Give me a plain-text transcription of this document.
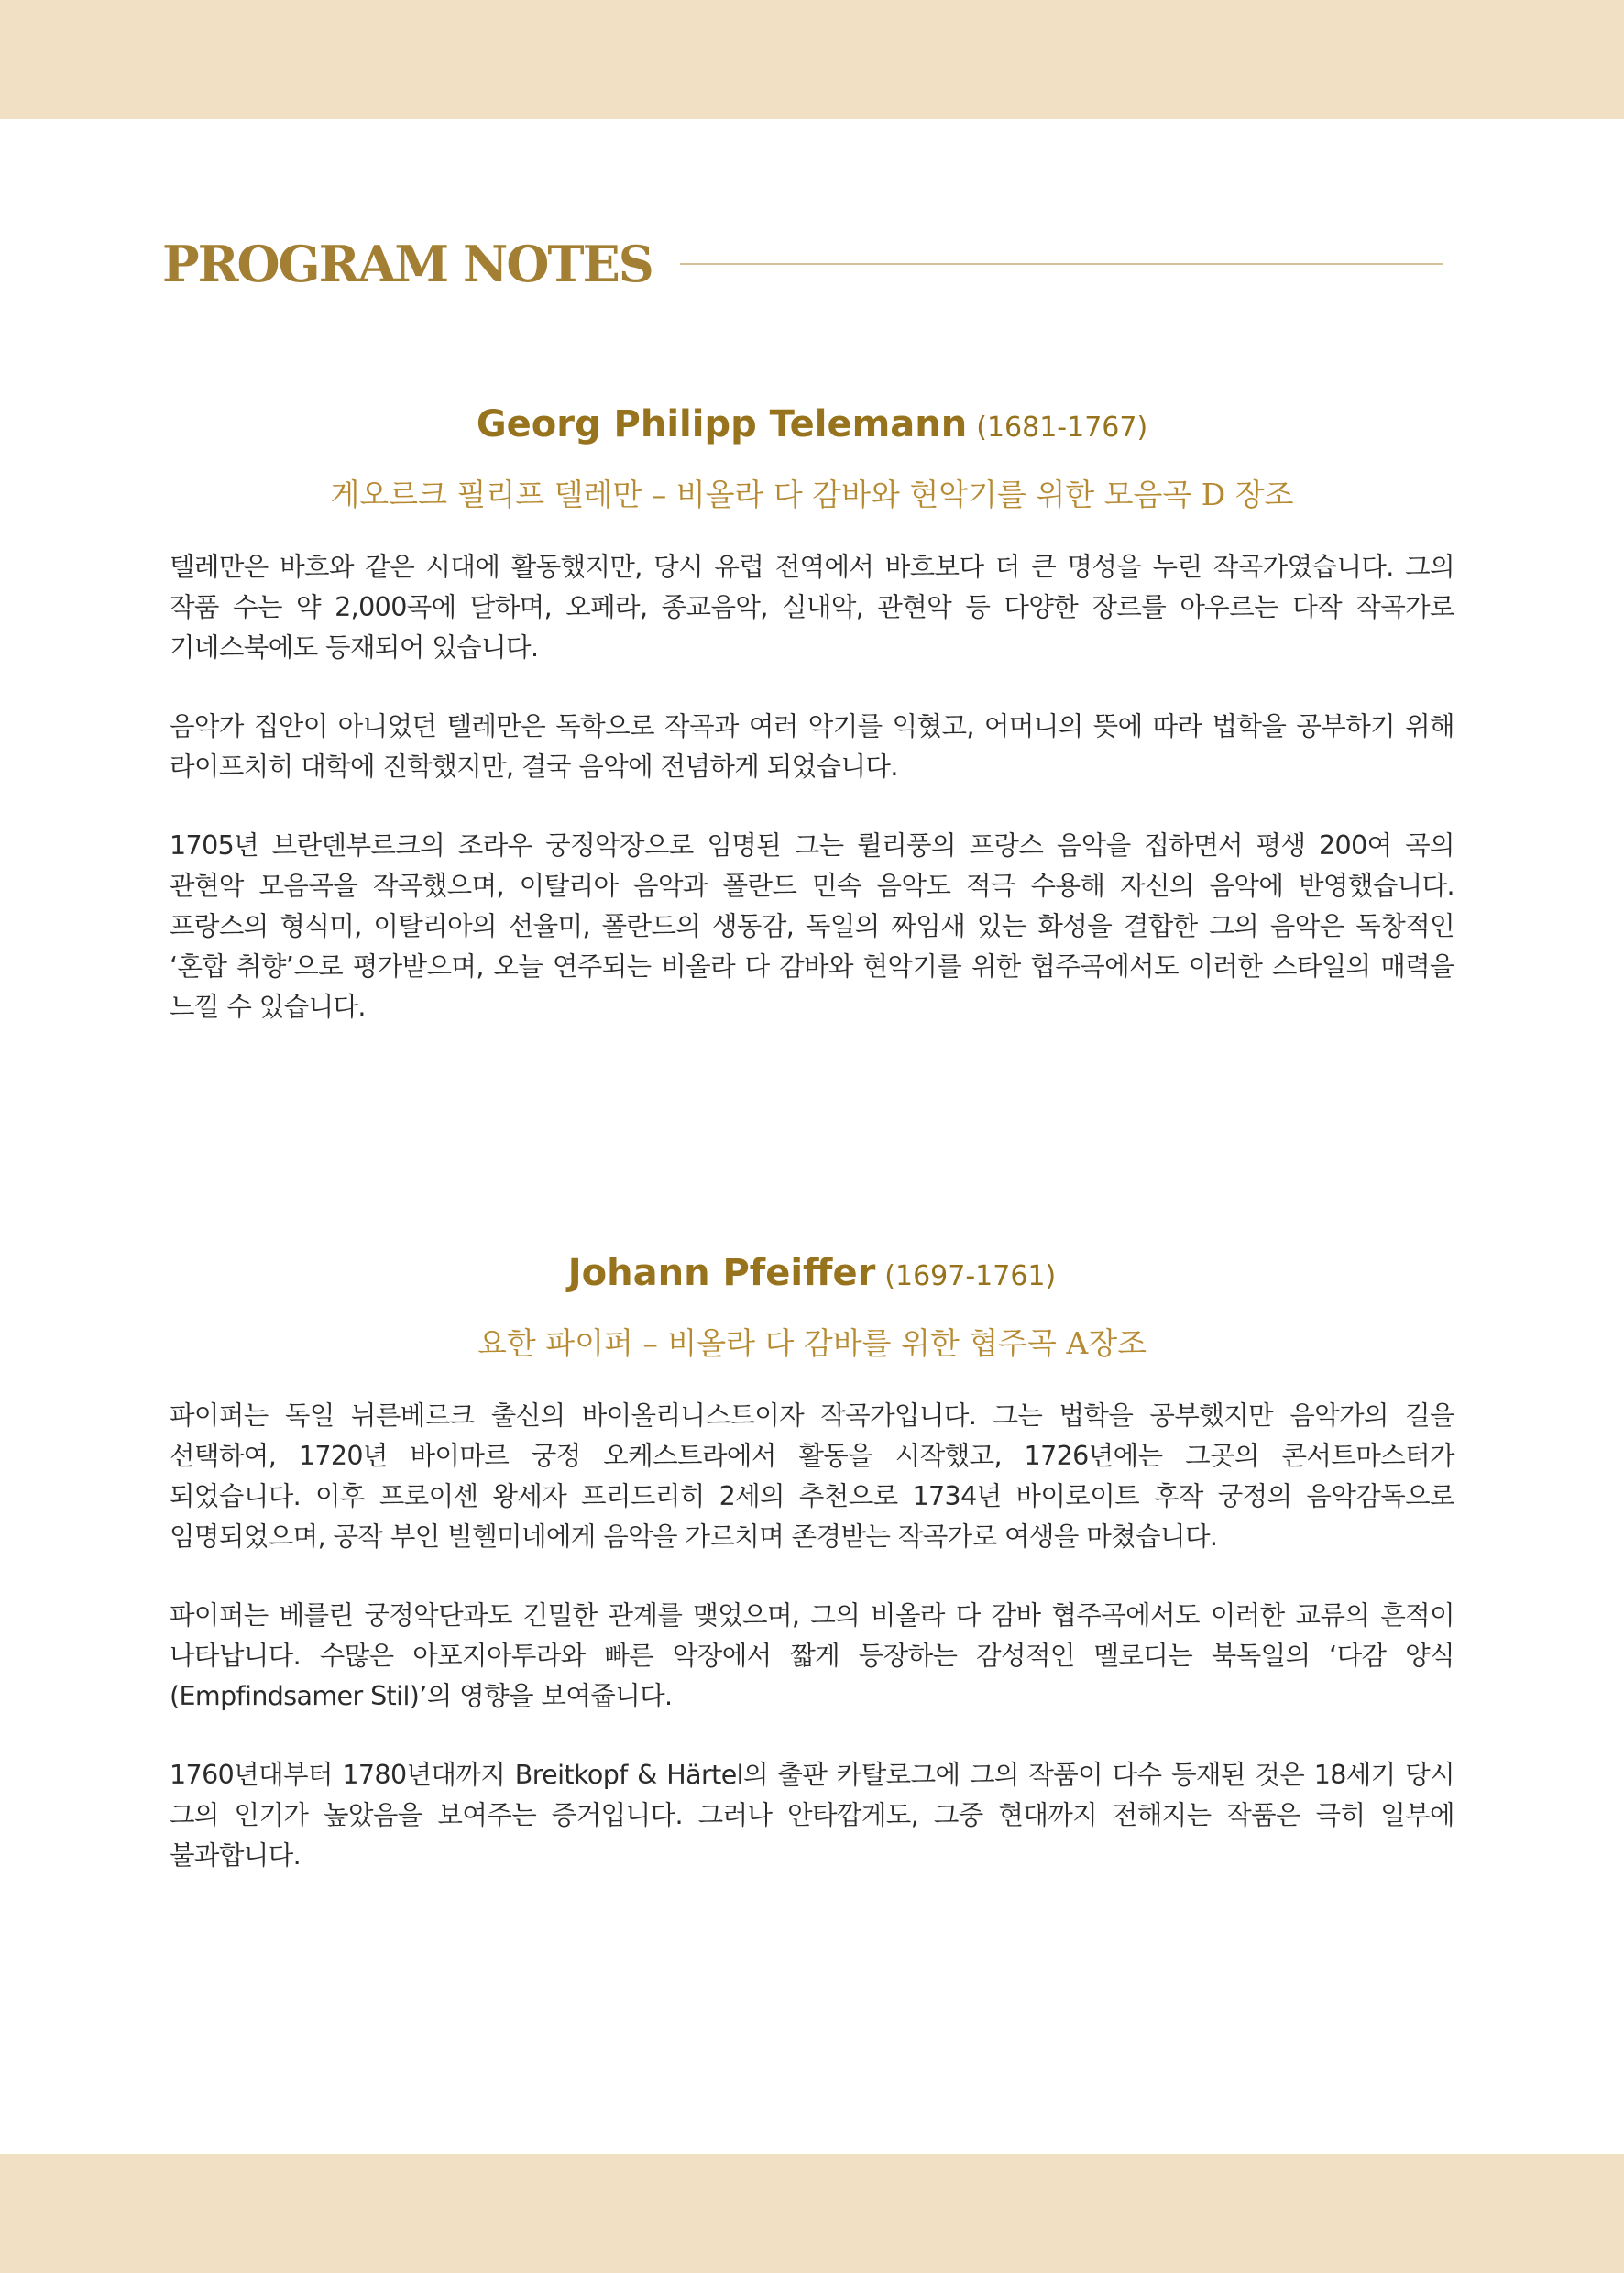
PROGRAM NOTES
Georg Philipp Telemann (1681-1767)
게오르크 필리프 텔레만 – 비올라 다 감바와 현악기를 위한 모음곡 D 장조

텔레만은 바흐와 같은 시대에 활동했지만, 당시 유럽 전역에서 바흐보다 더 큰 명성을 누린 작곡가였습니다. 그의 작품 수는 약 2,000곡에 달하며, 오페라, 종교음악, 실내악, 관현악 등 다양한 장르를 아우르는 다작 작곡가로 기네스북에도 등재되어 있습니다.

음악가 집안이 아니었던 텔레만은 독학으로 작곡과 여러 악기를 익혔고, 어머니의 뜻에 따라 법학을 공부하기 위해 라이프치히 대학에 진학했지만, 결국 음악에 전념하게 되었습니다.

1705년 브란덴부르크의 조라우 궁정악장으로 임명된 그는 륄리풍의 프랑스 음악을 접하면서 평생 200여 곡의 관현악 모음곡을 작곡했으며, 이탈리아 음악과 폴란드 민속 음악도 적극 수용해 자신의 음악에 반영했습니다. 프랑스의 형식미, 이탈리아의 선율미, 폴란드의 생동감, 독일의 짜임새 있는 화성을 결합한 그의 음악은 독창적인 ‘혼합 취향’으로 평가받으며, 오늘 연주되는 비올라 다 감바와 현악기를 위한 협주곡에서도 이러한 스타일의 매력을 느낄 수 있습니다.

Johann Pfeiffer (1697-1761)
요한 파이퍼 – 비올라 다 감바를 위한 협주곡 A장조

파이퍼는 독일 뉘른베르크 출신의 바이올리니스트이자 작곡가입니다. 그는 법학을 공부했지만 음악가의 길을 선택하여, 1720년 바이마르 궁정 오케스트라에서 활동을 시작했고, 1726년에는 그곳의 콘서트마스터가 되었습니다. 이후 프로이센 왕세자 프리드리히 2세의 추천으로 1734년 바이로이트 후작 궁정의 음악감독으로 임명되었으며, 공작 부인 빌헬미네에게 음악을 가르치며 존경받는 작곡가로 여생을 마쳤습니다.

파이퍼는 베를린 궁정악단과도 긴밀한 관계를 맺었으며, 그의 비올라 다 감바 협주곡에서도 이러한 교류의 흔적이 나타납니다. 수많은 아포지아투라와 빠른 악장에서 짧게 등장하는 감성적인 멜로디는 북독일의 ‘다감 양식(Empfindsamer Stil)’의 영향을 보여줍니다.

1760년대부터 1780년대까지 Breitkopf & Härtel의 출판 카탈로그에 그의 작품이 다수 등재된 것은 18세기 당시 그의 인기가 높았음을 보여주는 증거입니다. 그러나 안타깝게도, 그중 현대까지 전해지는 작품은 극히 일부에 불과합니다.
